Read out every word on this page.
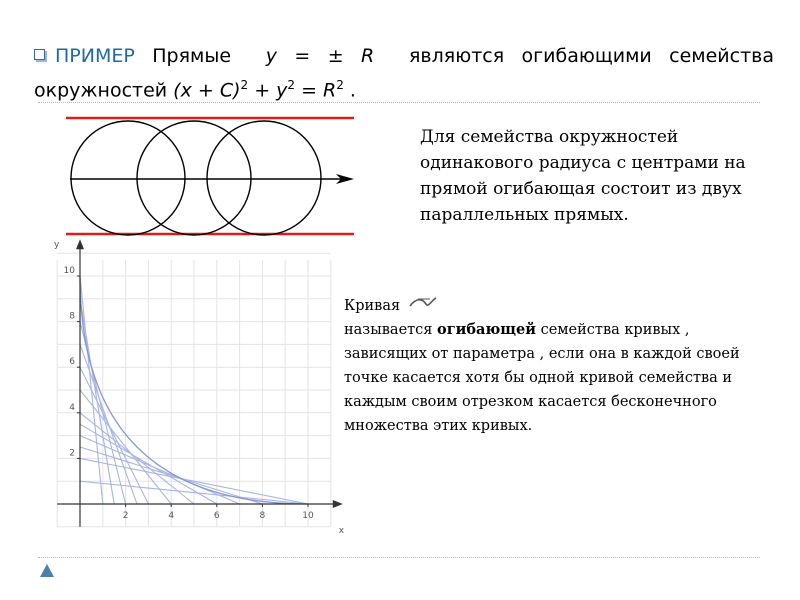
ПРИМЕР Прямые y = ± R являются огибающими семейства окружностей $(x + C)^2 + y^2 = R^2$ .
Для семейства окружностей одинакового радиуса с центрами на прямой огибающая состоит из двух параллельных прямых.
x
y
2	4	6	8	10
2
4
6
8
10
Кривая
называется огибающей семейства кривых ,
зависящих от параметра , если она в каждой своей точке касается хотя бы одной кривой семейства и каждым своим отрезком касается бесконечного множества этих кривых.
